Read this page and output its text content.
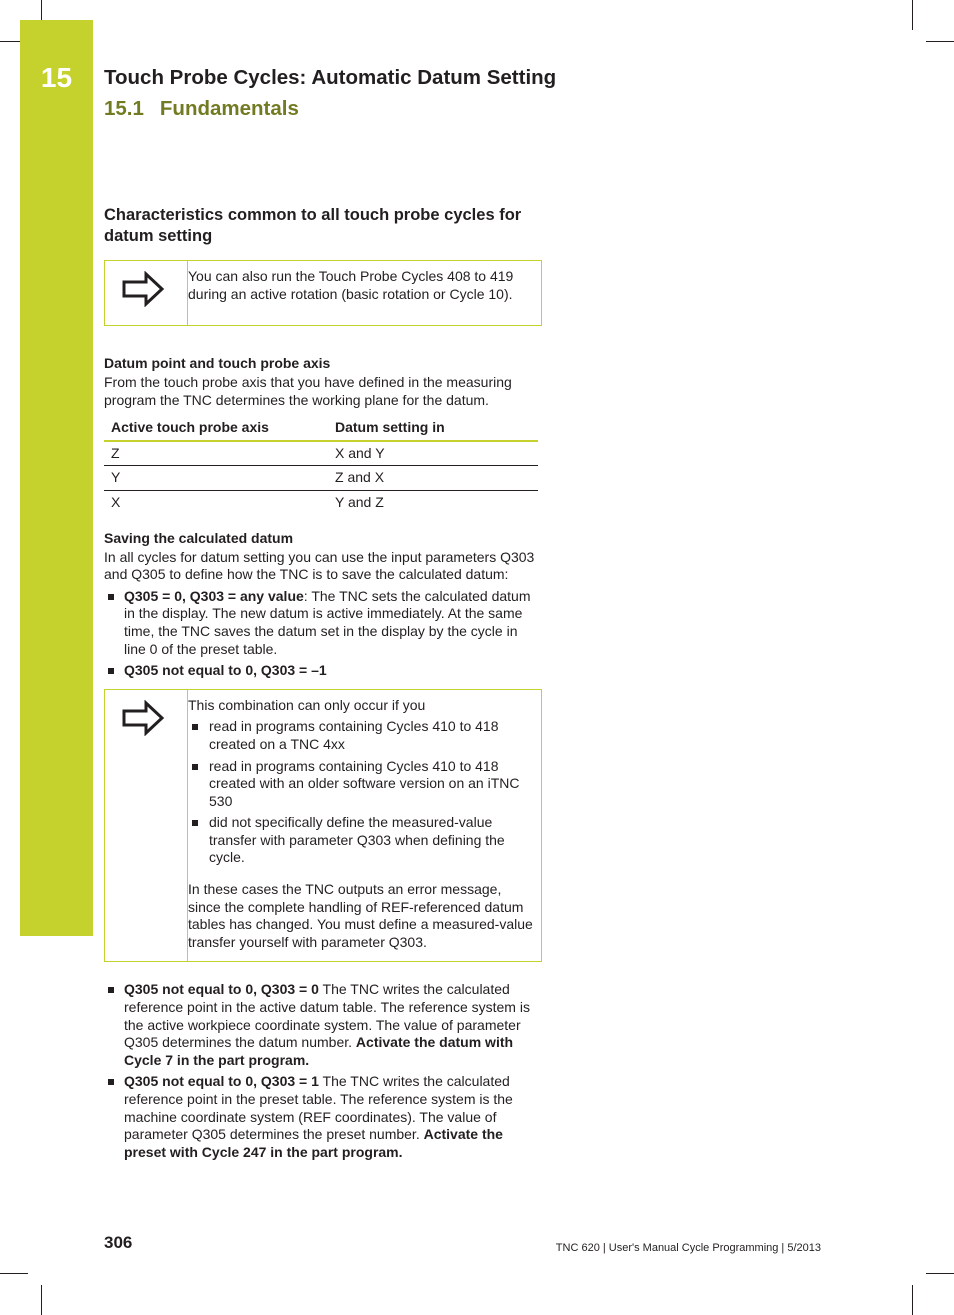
15	Touch Probe Cycles: Automatic Datum Setting
15.1 Fundamentals
Characteristics common to all touch probe cycles for datum setting

You can also run the Touch Probe Cycles 408 to 419 during an active rotation (basic rotation or Cycle 10).

Datum point and touch probe axis

From the touch probe axis that you have defined in the measuring program the TNC determines the working plane for the datum.

Active touch probe axis	Datum setting in
Z	X and Y
Y	Z and X
X	Y and Z
Saving the calculated datum

In all cycles for datum setting you can use the input parameters Q303 and Q305 to define how the TNC is to save the calculated datum:

Q305 = 0, Q303 = any value: The TNC sets the calculated datum in the display. The new datum is active immediately. At the same time, the TNC saves the datum set in the display by the cycle in line 0 of the preset table.
Q305 not equal to 0, Q303 = –1

This combination can only occur if you

read in programs containing Cycles 410 to 418 created on a TNC 4xx
read in programs containing Cycles 410 to 418 created with an older software version on an iTNC 530
did not specifically define the measured-value transfer with parameter Q303 when defining the cycle.

In these cases the TNC outputs an error message, since the complete handling of REF-referenced datum tables has changed. You must define a measured-value transfer yourself with parameter Q303.

Q305 not equal to 0, Q303 = 0 The TNC writes the calculated reference point in the active datum table. The reference system is the active workpiece coordinate system. The value of parameter Q305 determines the datum number. Activate the datum with Cycle 7 in the part program.
Q305 not equal to 0, Q303 = 1 The TNC writes the calculated reference point in the preset table. The reference system is the machine coordinate system (REF coordinates). The value of parameter Q305 determines the preset number. Activate the preset with Cycle 247 in the part program.
306	TNC 620 | User's Manual Cycle Programming | 5/2013
